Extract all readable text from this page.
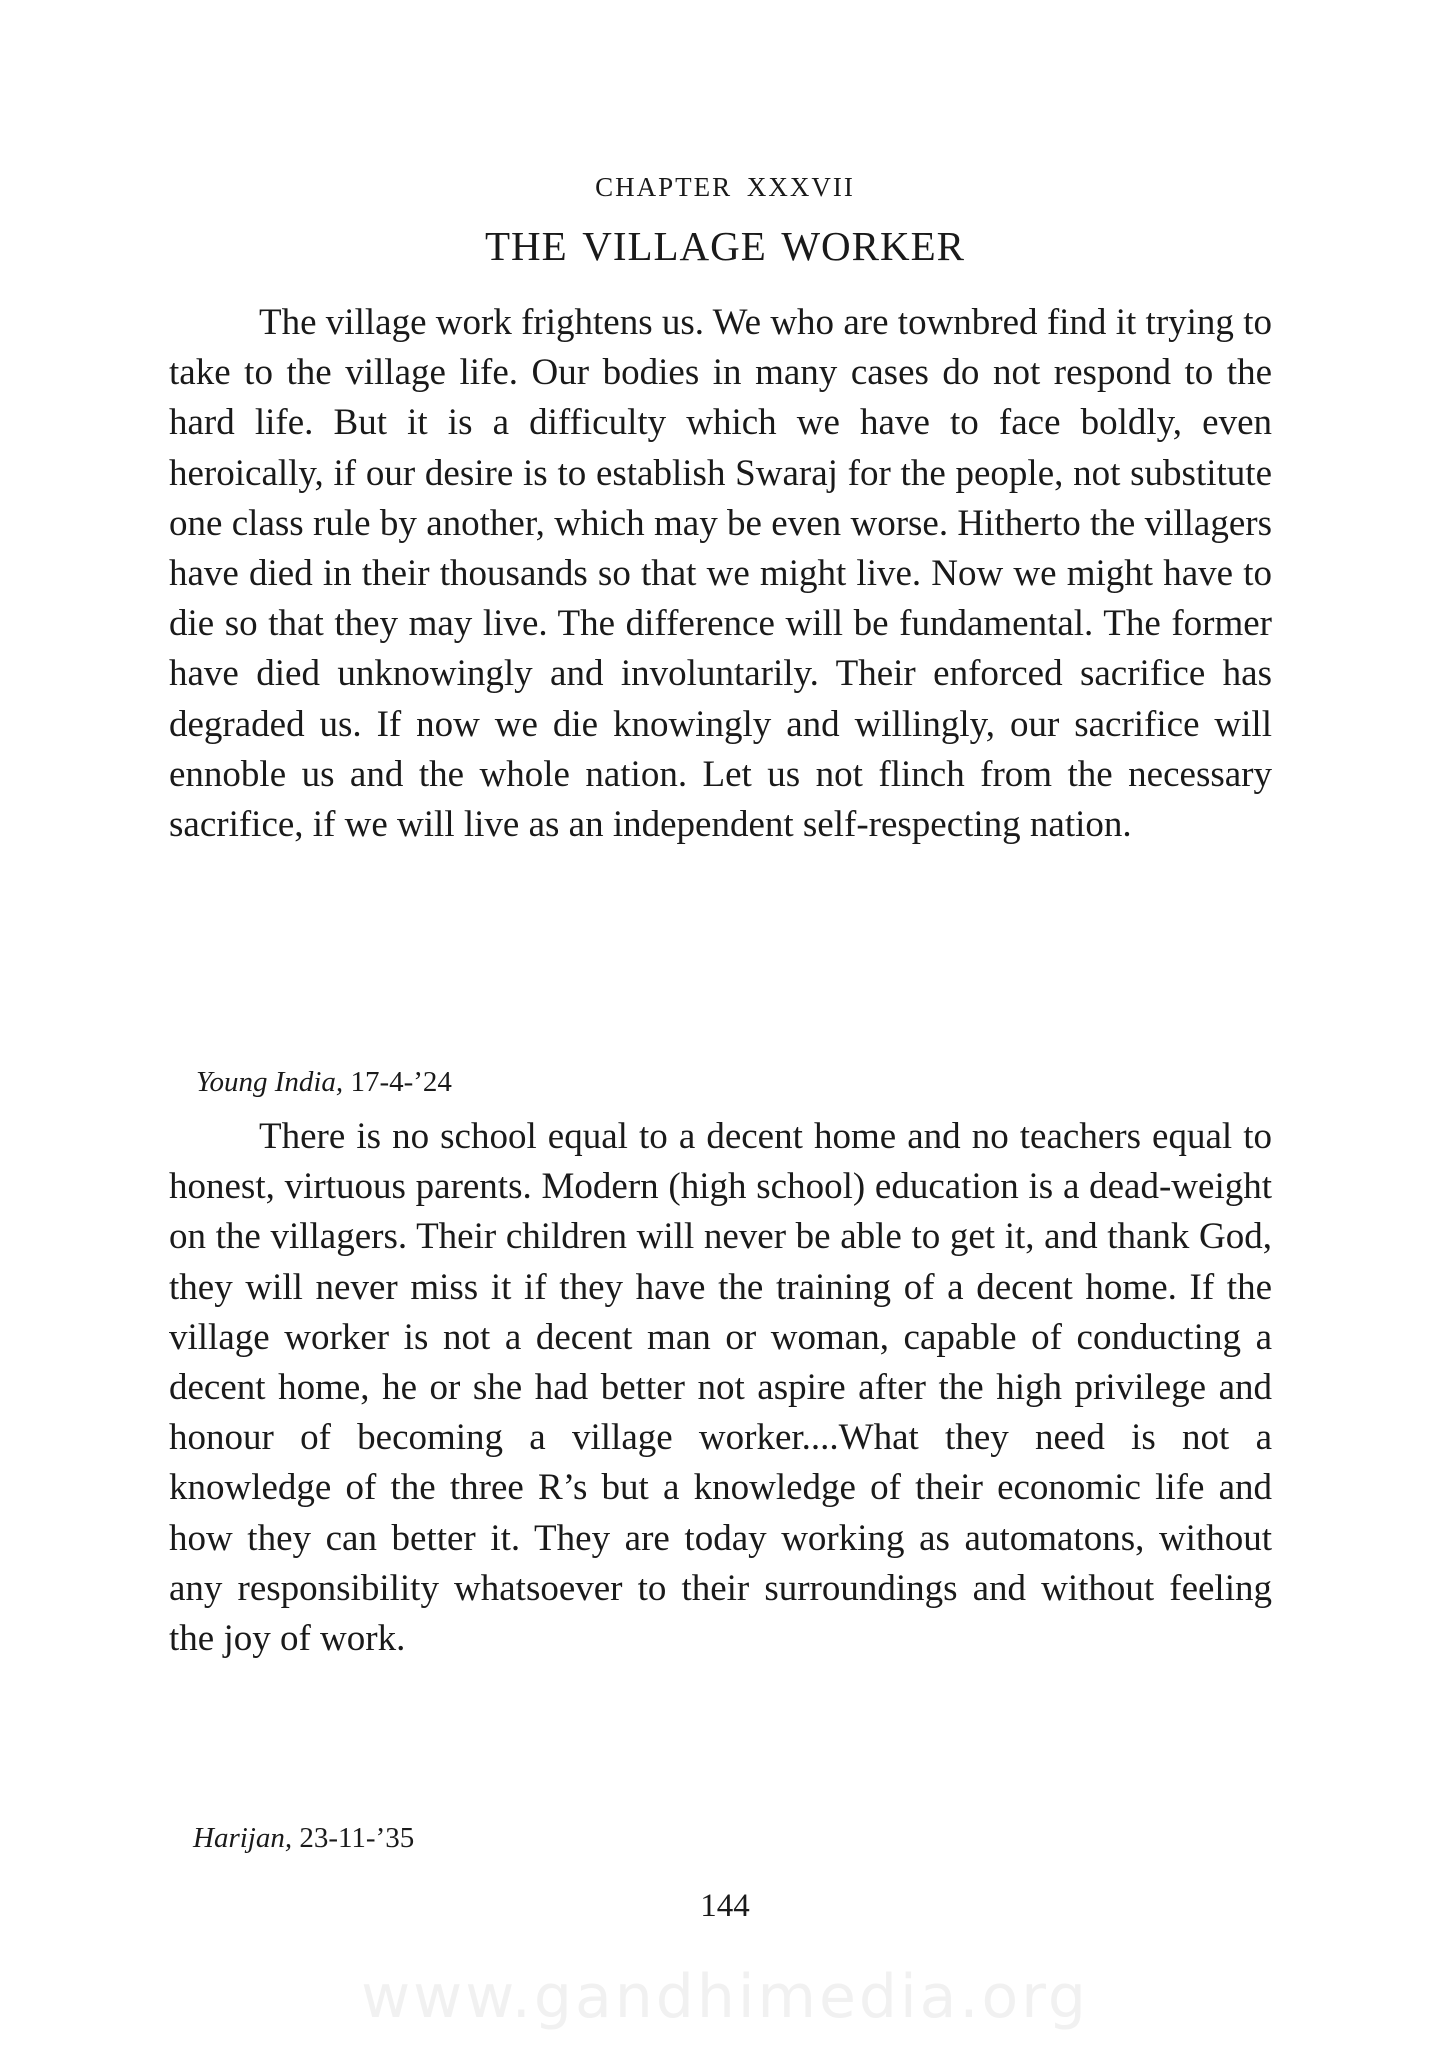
CHAPTER XXXVII
THE VILLAGE WORKER

The village work frightens us. We who are townbred find it trying to take to the village life. Our bodies in many cases do not respond to the hard life. But it is a difficulty which we have to face boldly, even heroically, if our desire is to establish Swaraj for the people, not substitute one class rule by another, which may be even worse. Hitherto the villagers have died in their thousands so that we might live. Now we might have to die so that they may live. The difference will be fundamental. The former have died unknowingly and involuntarily. Their enforced sacrifice has degraded us. If now we die knowingly and willingly, our sacrifice will ennoble us and the whole nation. Let us not flinch from the necessary sacrifice, if we will live as an independent self-respecting nation.

Young India, 17-4-’24

There is no school equal to a decent home and no teachers equal to honest, virtuous parents. Modern (high school) education is a dead-weight on the villagers. Their children will never be able to get it, and thank God, they will never miss it if they have the training of a decent home. If the village worker is not a decent man or woman, capable of conducting a decent home, he or she had better not aspire after the high privilege and honour of becoming a village worker....What they need is not a knowledge of the three R’s but a knowledge of their economic life and how they can better it. They are today working as automatons, without any responsibility whatsoever to their surroundings and without feeling the joy of work.

Harijan, 23-11-’35
144
www.gandhimedia.org
